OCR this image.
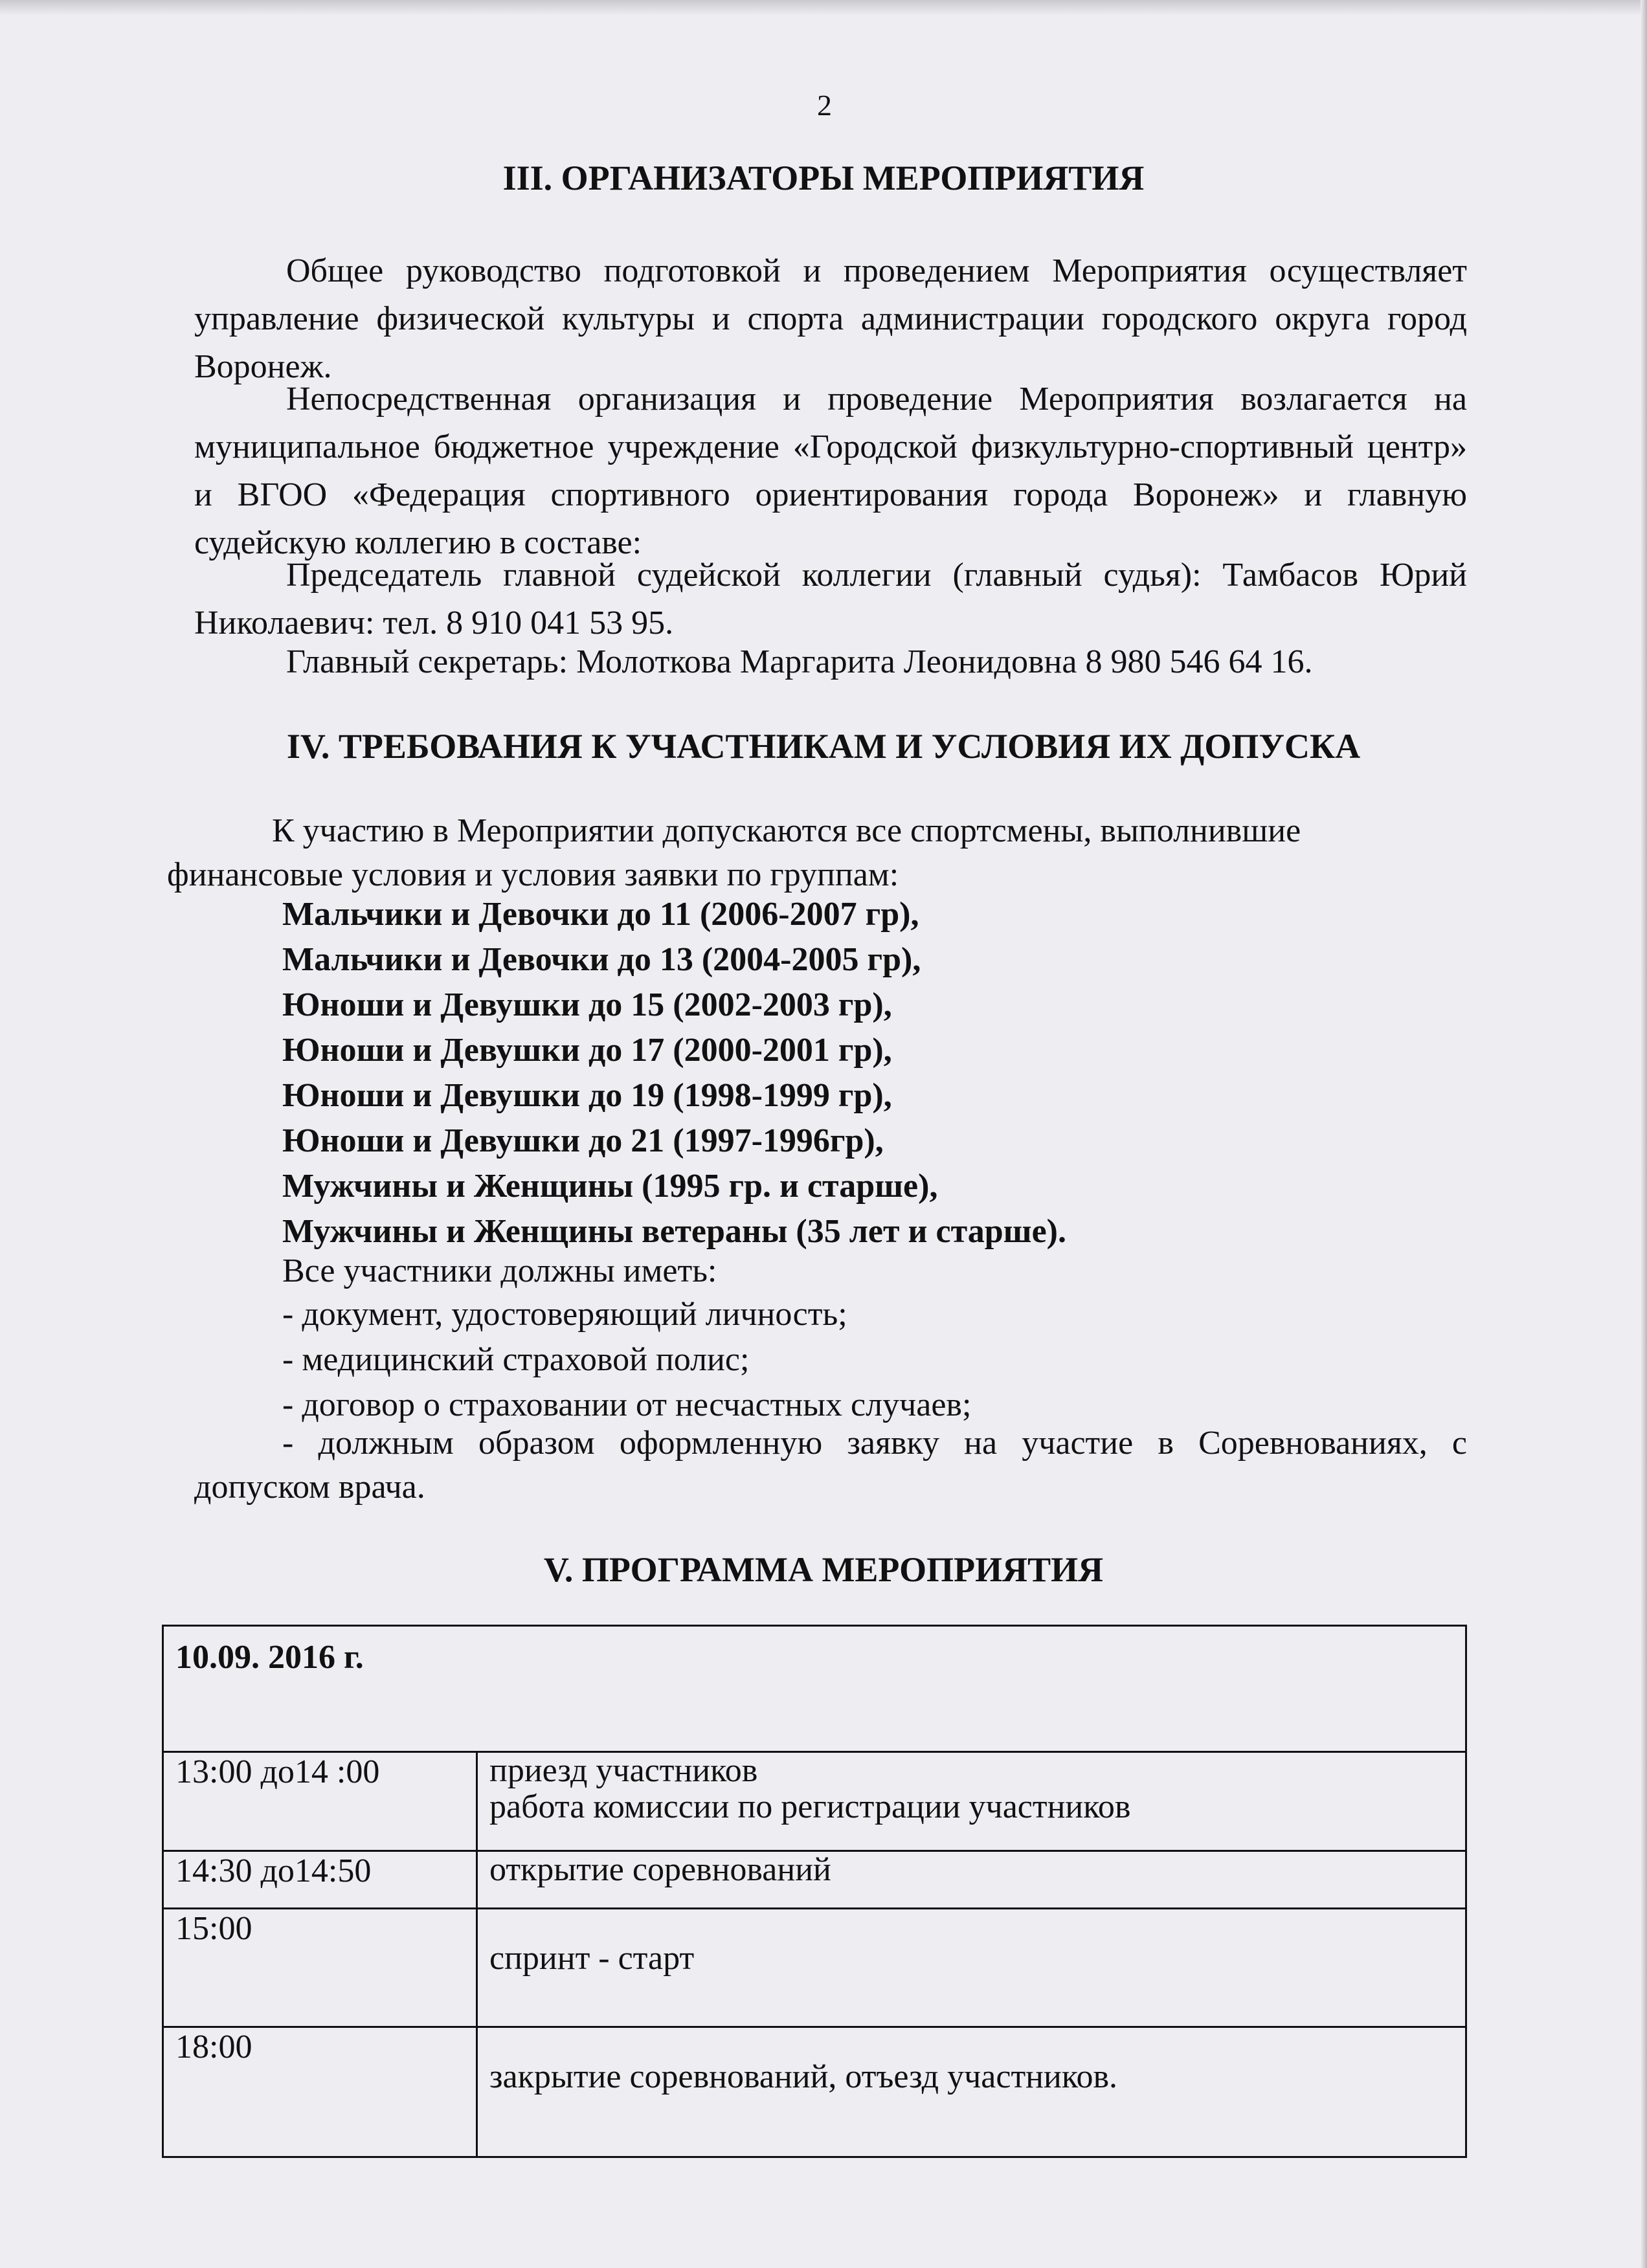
2
III. ОРГАНИЗАТОРЫ МЕРОПРИЯТИЯ

Общее руководство подготовкой и проведением Мероприятия осуществляет управление физической культуры и спорта администрации городского округа город Воронеж.

Непосредственная организация и проведение Мероприятия возлагается на муниципальное бюджетное учреждение «Городской физкультурно-спортивный центр» и ВГОО «Федерация спортивного ориентирования города Воронеж» и главную судейскую коллегию в составе:

Председатель главной судейской коллегии (главный судья): Тамбасов Юрий Николаевич: тел. 8 910 041 53 95.

Главный секретарь: Молоткова Маргарита Леонидовна 8 980 546 64 16.

IV. ТРЕБОВАНИЯ К УЧАСТНИКАМ И УСЛОВИЯ ИХ ДОПУСКА

К участию в Мероприятии допускаются все спортсмены, выполнившие

финансовые условия и условия заявки по группам:

Мальчики и Девочки до 11 (2006-2007 гр),
Мальчики и Девочки до 13 (2004-2005 гр),
Юноши и Девушки до 15 (2002-2003 гр),
Юноши и Девушки до 17 (2000-2001 гр),
Юноши и Девушки до 19 (1998-1999 гр),
Юноши и Девушки до 21 (1997-1996гр),
Мужчины и Женщины (1995 гр. и старше),
Мужчины и Женщины ветераны (35 лет и старше).

Все участники должны иметь:

- документ, удостоверяющий личность;
- медицинский страховой полис;
- договор о страховании от несчастных случаев;

- должным образом оформленную заявку на участие в Соревнованиях, с

допуском врача.

V. ПРОГРАММА МЕРОПРИЯТИЯ
10.09. 2016 г.	
13:00 до14 :00	приезд участников
работа комиссии по регистрации участников

14:30 до14:50	открытие соревнований

15:00	спринт - старт

18:00	закрытие соревнований, отъезд участников.
